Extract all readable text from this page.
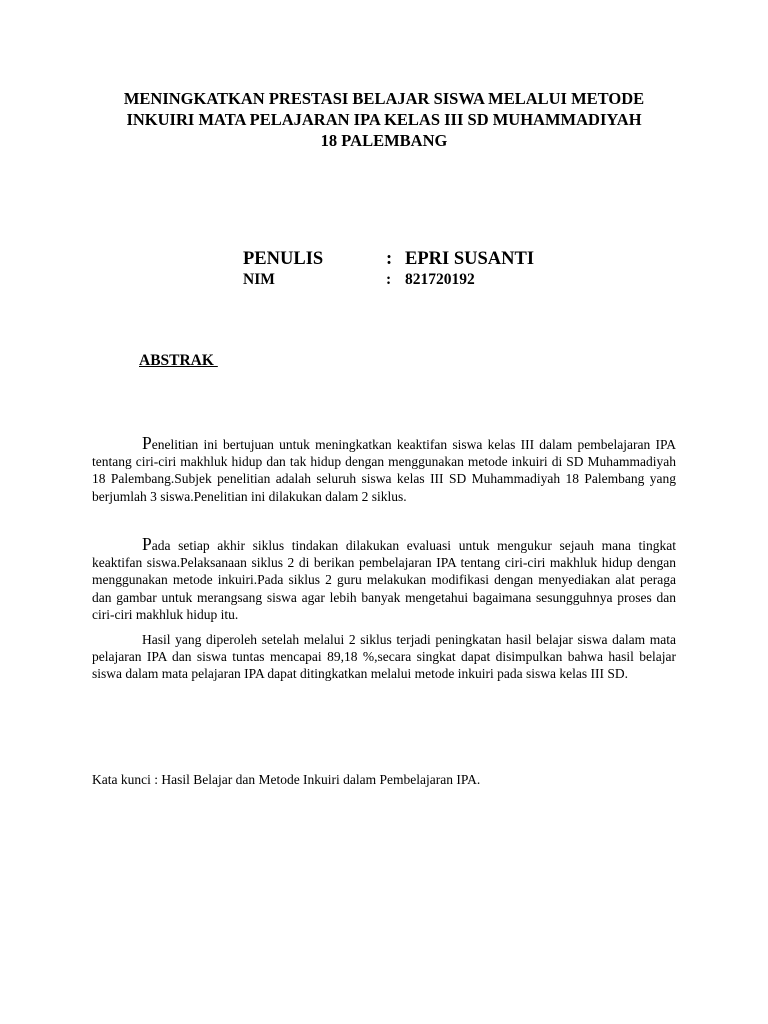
MENINGKATKAN PRESTASI BELAJAR SISWA MELALUI METODE
INKUIRI MATA PELAJARAN IPA KELAS III SD MUHAMMADIYAH
18 PALEMBANG
PENULIS	: EPRI SUSANTI
NIM	: 821720192
ABSTRAK

Penelitian ini bertujuan untuk meningkatkan keaktifan siswa kelas III dalam pembelajaran IPA tentang ciri-ciri makhluk hidup dan tak hidup dengan menggunakan metode inkuiri di SD Muhammadiyah 18 Palembang.Subjek penelitian adalah seluruh siswa kelas III SD Muhammadiyah 18 Palembang yang berjumlah 3 siswa.Penelitian ini dilakukan dalam 2 siklus.

Pada setiap akhir siklus tindakan dilakukan evaluasi untuk mengukur sejauh mana tingkat keaktifan siswa.Pelaksanaan siklus 2 di berikan pembelajaran IPA tentang ciri-ciri makhluk hidup dengan menggunakan metode inkuiri.Pada siklus 2 guru melakukan modifikasi dengan menyediakan alat peraga dan gambar untuk merangsang siswa agar lebih banyak mengetahui bagaimana sesungguhnya proses dan ciri-ciri makhluk hidup itu.

Hasil yang diperoleh setelah melalui 2 siklus terjadi peningkatan hasil belajar siswa dalam mata pelajaran IPA dan siswa tuntas mencapai 89,18 %,secara singkat dapat disimpulkan bahwa hasil belajar siswa dalam mata pelajaran IPA dapat ditingkatkan melalui metode inkuiri pada siswa kelas III SD.

Kata kunci : Hasil Belajar dan Metode Inkuiri dalam Pembelajaran IPA.
